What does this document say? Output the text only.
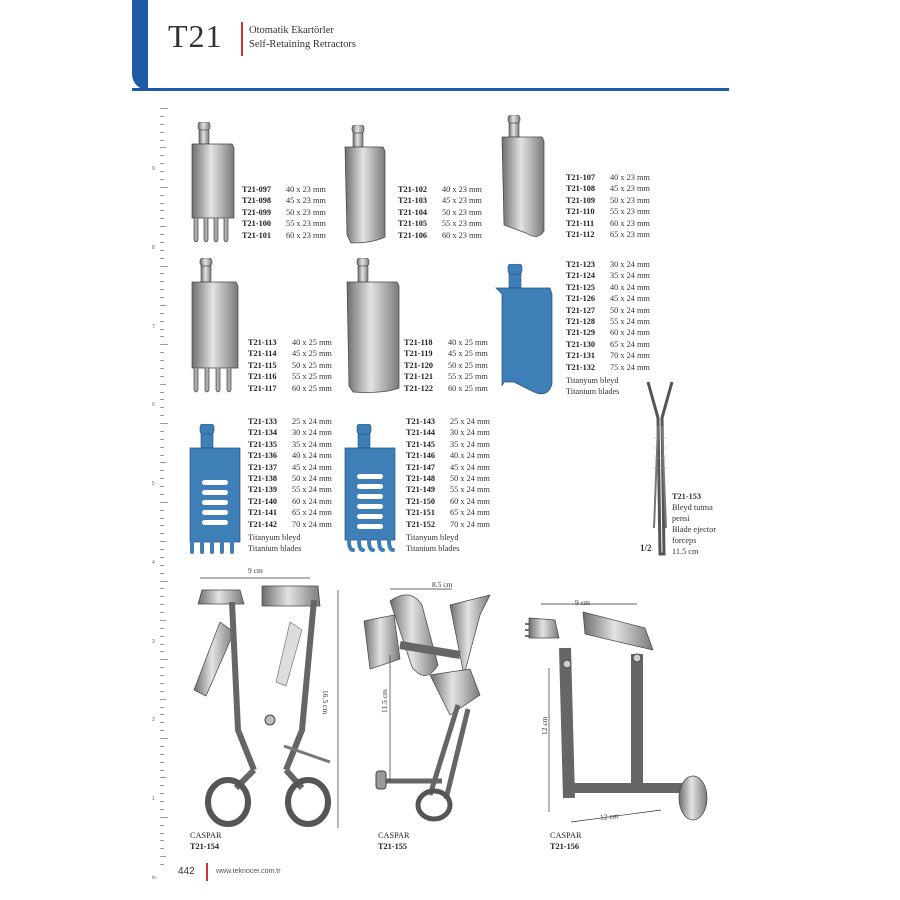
T21	Otomatik Ekartörler
Self-Retaining Retractors
9
8
7
6
5
4
3
2
1
in
1/2
T21-097 40 x 23 mm
T21-098 45 x 23 mm
T21-099 50 x 23 mm
T21-100 55 x 23 mm
T21-101 60 x 23 mm
T21-102 40 x 23 mm
T21-103 45 x 23 mm
T21-104 50 x 23 mm
T21-105 55 x 23 mm
T21-106 60 x 23 mm
T21-107 40 x 23 mm
T21-108 45 x 23 mm
T21-109 50 x 23 mm
T21-110 55 x 23 mm
T21-111 60 x 23 mm
T21-112 65 x 23 mm
T21-113 40 x 25 mm
T21-114 45 x 25 mm
T21-115 50 x 25 mm
T21-116 55 x 25 mm
T21-117 60 x 25 mm
T21-118 40 x 25 mm
T21-119 45 x 25 mm
T21-120 50 x 25 mm
T21-121 55 x 25 mm
T21-122 60 x 25 mm
T21-123 30 x 24 mm
T21-124 35 x 24 mm
T21-125 40 x 24 mm
T21-126 45 x 24 mm
T21-127 50 x 24 mm
T21-128 55 x 24 mm
T21-129 60 x 24 mm
T21-130 65 x 24 mm
T21-131 70 x 24 mm
T21-132 75 x 24 mm
Titanyum bleyd
Titanium blades
T21-133 25 x 24 mm
T21-134 30 x 24 mm
T21-135 35 x 24 mm
T21-136 40 x 24 mm
T21-137 45 x 24 mm
T21-138 50 x 24 mm
T21-139 55 x 24 mm
T21-140 60 x 24 mm
T21-141 65 x 24 mm
T21-142 70 x 24 mm
Titanyum bleyd
Titanium blades
T21-143 25 x 24 mm
T21-144 30 x 24 mm
T21-145 35 x 24 mm
T21-146 40 x 24 mm
T21-147 45 x 24 mm
T21-148 50 x 24 mm
T21-149 55 x 24 mm
T21-150 60 x 24 mm
T21-151 65 x 24 mm
T21-152 70 x 24 mm
Titanyum bleyd
Titanium blades
T21-153
Bleyd tutma
pensi
Blade ejector
forceps
11.5 cm
9 cm
16.5 cm
CASPAR
T21-154
8.5 cm
11.5 cm
CASPAR
T21-155
9 cm
12 cm
12 cm
CASPAR
T21-156
442	www.teknocer.com.tr
